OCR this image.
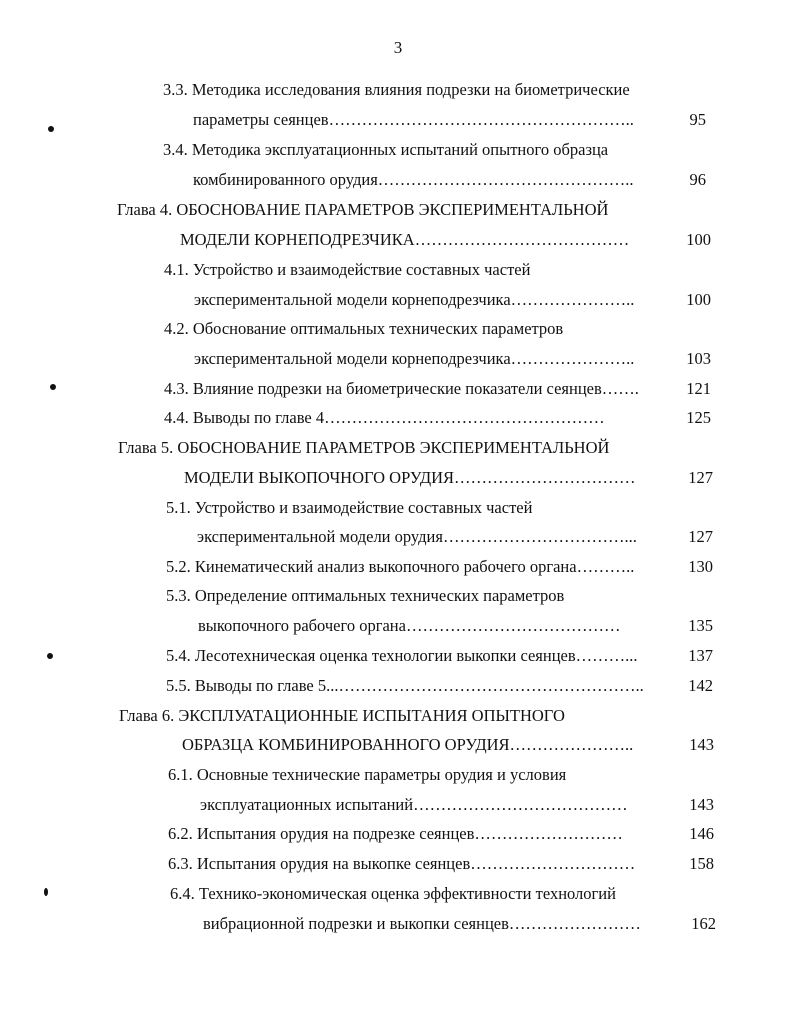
3
3.3. Методика исследования влияния подрезки на биометрические
параметры сеянцев………………………………………………..	95
3.4. Методика эксплуатационных испытаний опытного образца
комбинированного орудия………………………………………..	96
Глава 4. ОБОСНОВАНИЕ ПАРАМЕТРОВ ЭКСПЕРИМЕНТАЛЬНОЙ
МОДЕЛИ КОРНЕПОДРЕЗЧИКА…………………………………	100
4.1. Устройство и взаимодействие составных частей
экспериментальной модели корнеподрезчика…………………..	100
4.2. Обоснование оптимальных технических параметров
экспериментальной модели корнеподрезчика…………………..	103
4.3. Влияние подрезки на биометрические показатели сеянцев…….	121
4.4. Выводы по главе 4……………………………………………	125
Глава 5. ОБОСНОВАНИЕ ПАРАМЕТРОВ ЭКСПЕРИМЕНТАЛЬНОЙ
МОДЕЛИ ВЫКОПОЧНОГО ОРУДИЯ……………………………	127
5.1. Устройство и взаимодействие составных частей
экспериментальной модели орудия……………………………...	127
5.2. Кинематический анализ выкопочного рабочего органа………..	130
5.3. Определение оптимальных технических параметров
выкопочного рабочего органа…………………………………	135
5.4. Лесотехническая оценка технологии выкопки сеянцев………...	137
5.5. Выводы по главе 5...………………………………………………..	142
Глава 6. ЭКСПЛУАТАЦИОННЫЕ ИСПЫТАНИЯ ОПЫТНОГО
ОБРАЗЦА КОМБИНИРОВАННОГО ОРУДИЯ…………………..	143
6.1. Основные технические параметры орудия и условия
эксплуатационных испытаний…………………………………	143
6.2. Испытания орудия на подрезке сеянцев………………………	146
6.3. Испытания орудия на выкопке сеянцев…………………………	158
6.4. Технико-экономическая оценка эффективности технологий
вибрационной подрезки и выкопки сеянцев……………………	162
